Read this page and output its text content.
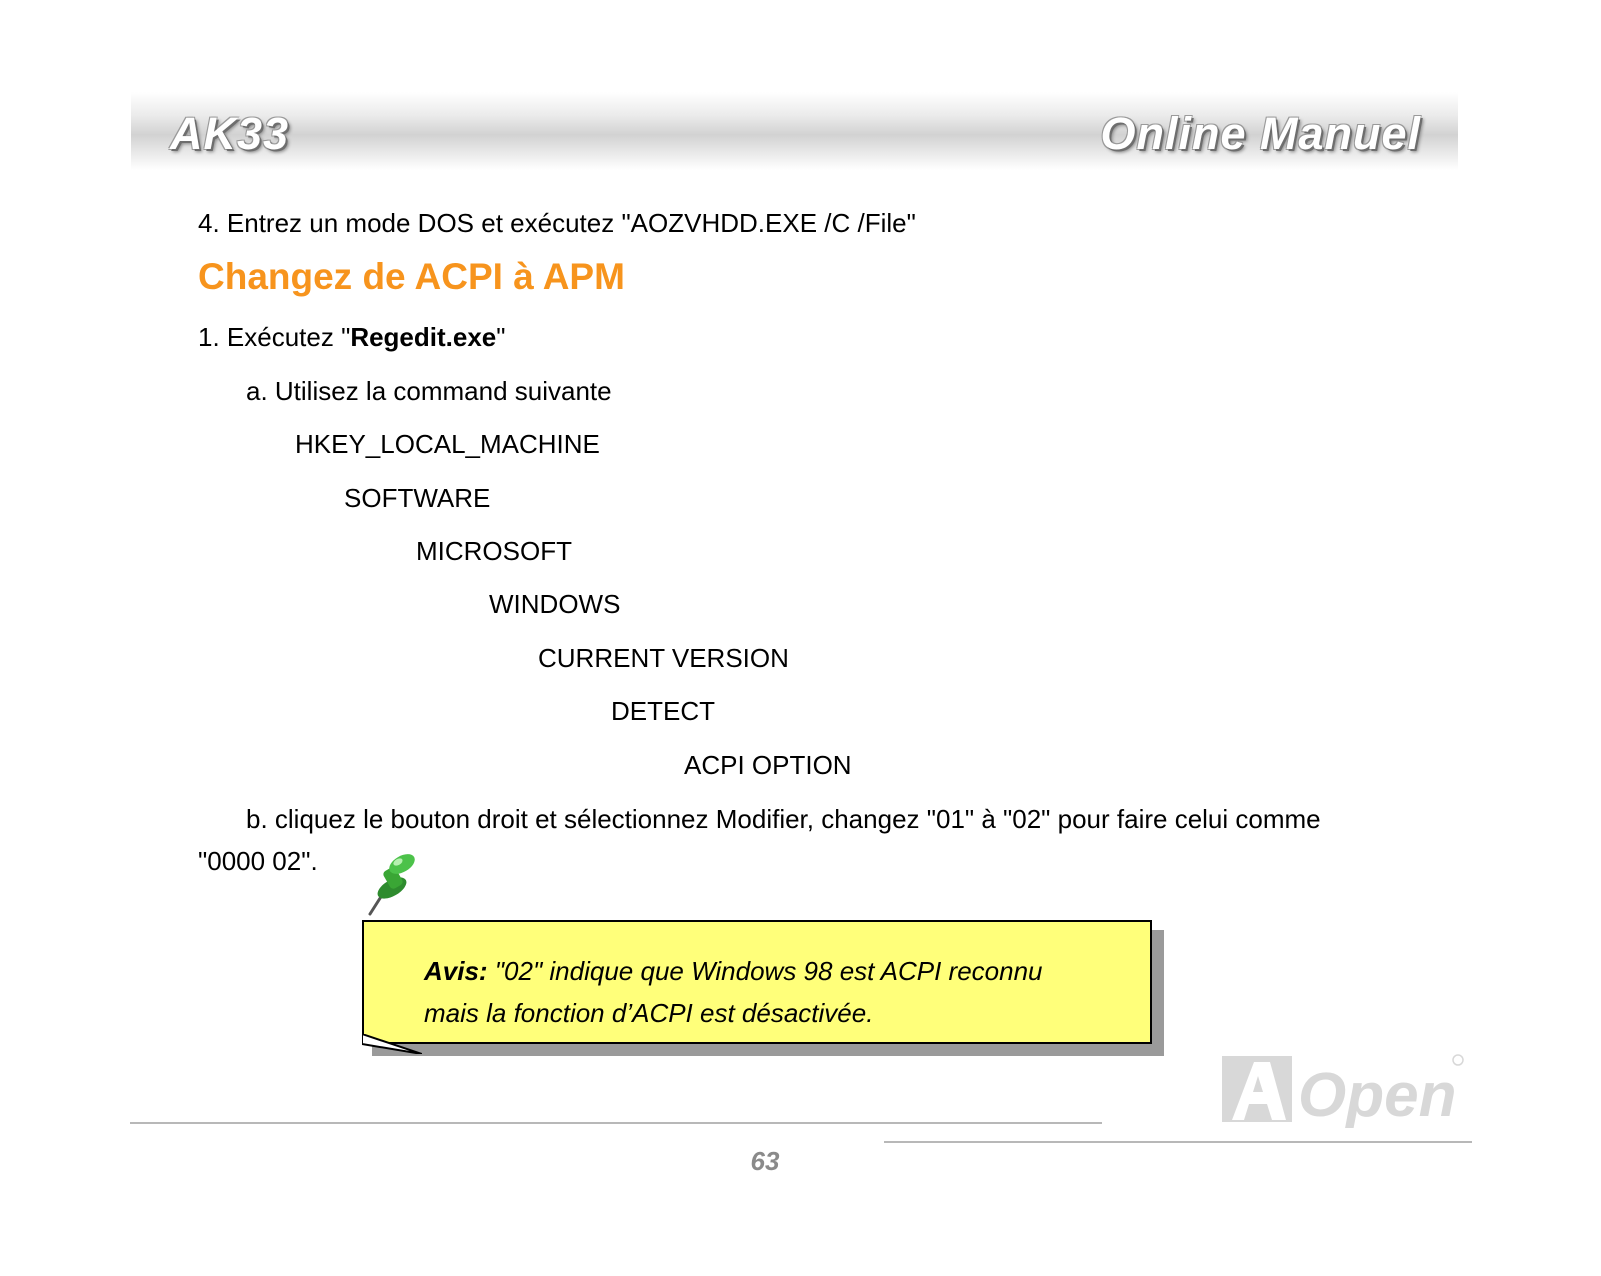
AK33	Online Manuel
4. Entrez un mode DOS et exécutez "AOZVHDD.EXE /C /File"
Changez de ACPI à APM
1. Exécutez "Regedit.exe"
a. Utilisez la command suivante
HKEY_LOCAL_MACHINE
SOFTWARE
MICROSOFT
WINDOWS
CURRENT VERSION
DETECT
ACPI OPTION
b. cliquez le bouton droit et sélectionnez Modifier, changez "01" à "02" pour faire celui comme
"0000 02".
Avis: "02" indique que Windows 98 est ACPI reconnu
mais la fonction d’ACPI est désactivée.
63
Open
